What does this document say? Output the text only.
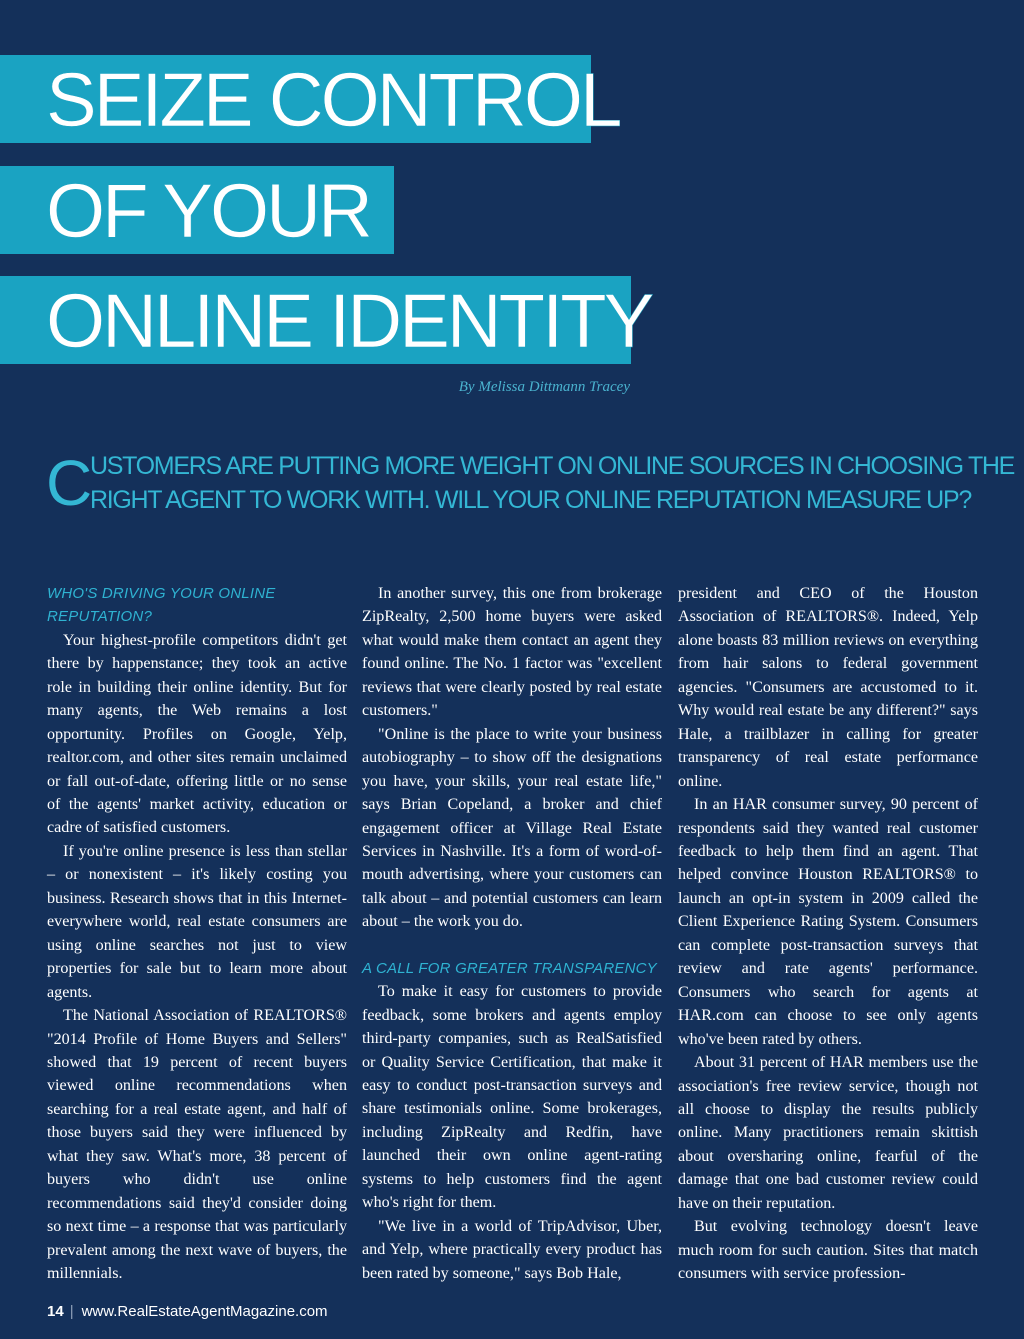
SEIZE CONTROL
OF YOUR
ONLINE IDENTITY
By Melissa Dittmann Tracey
C
USTOMERS ARE PUTTING MORE WEIGHT ON ONLINE SOURCES IN CHOOSING THE
RIGHT AGENT TO WORK WITH. WILL YOUR ONLINE REPUTATION MEASURE UP?
WHO'S DRIVING YOUR ONLINE REPUTATION?

Your highest-profile competitors didn't get there by happenstance; they took an active role in building their online identity. But for many agents, the Web remains a lost opportunity. Profiles on Google, Yelp, realtor.com, and other sites remain unclaimed or fall out-of-date, offering little or no sense of the agents' market activity, education or cadre of satisfied customers.

If you're online presence is less than stellar – or nonexistent – it's likely costing you business. Research shows that in this Internet-everywhere world, real estate consumers are using online searches not just to view properties for sale but to learn more about agents.

The National Association of REALTORS® "2014 Profile of Home Buyers and Sellers" showed that 19 percent of recent buyers viewed online recommendations when searching for a real estate agent, and half of those buyers said they were influenced by what they saw. What's more, 38 percent of buyers who didn't use online recommendations said they'd consider doing so next time – a response that was particularly prevalent among the next wave of buyers, the millennials.

In another survey, this one from brokerage ZipRealty, 2,500 home buyers were asked what would make them contact an agent they found online. The No. 1 factor was "excellent reviews that were clearly posted by real estate customers."

"Online is the place to write your business autobiography – to show off the designations you have, your skills, your real estate life," says Brian Copeland, a broker and chief engagement officer at Village Real Estate Services in Nashville. It's a form of word-of-mouth advertising, where your customers can talk about – and potential customers can learn about – the work you do.

A CALL FOR GREATER TRANSPARENCY

To make it easy for customers to provide feedback, some brokers and agents employ third-party companies, such as RealSatisfied or Quality Service Certification, that make it easy to conduct post-transaction surveys and share testimonials online. Some brokerages, including ZipRealty and Redfin, have launched their own online agent-rating systems to help customers find the agent who's right for them.

"We live in a world of TripAdvisor, Uber, and Yelp, where practically every product has been rated by someone," says Bob Hale,

president and CEO of the Houston Association of REALTORS®. Indeed, Yelp alone boasts 83 million reviews on everything from hair salons to federal government agencies. "Consumers are accustomed to it. Why would real estate be any different?" says Hale, a trailblazer in calling for greater transparency of real estate performance online.

In an HAR consumer survey, 90 percent of respondents said they wanted real customer feedback to help them find an agent. That helped convince Houston REALTORS® to launch an opt-in system in 2009 called the Client Experience Rating System. Consumers can complete post-transaction surveys that review and rate agents' performance. Consumers who search for agents at HAR.com can choose to see only agents who've been rated by others.

About 31 percent of HAR members use the association's free review service, though not all choose to display the results publicly online. Many practitioners remain skittish about oversharing online, fearful of the damage that one bad customer review could have on their reputation.

But evolving technology doesn't leave much room for such caution. Sites that match consumers with service profession-

14 | www.RealEstateAgentMagazine.com
